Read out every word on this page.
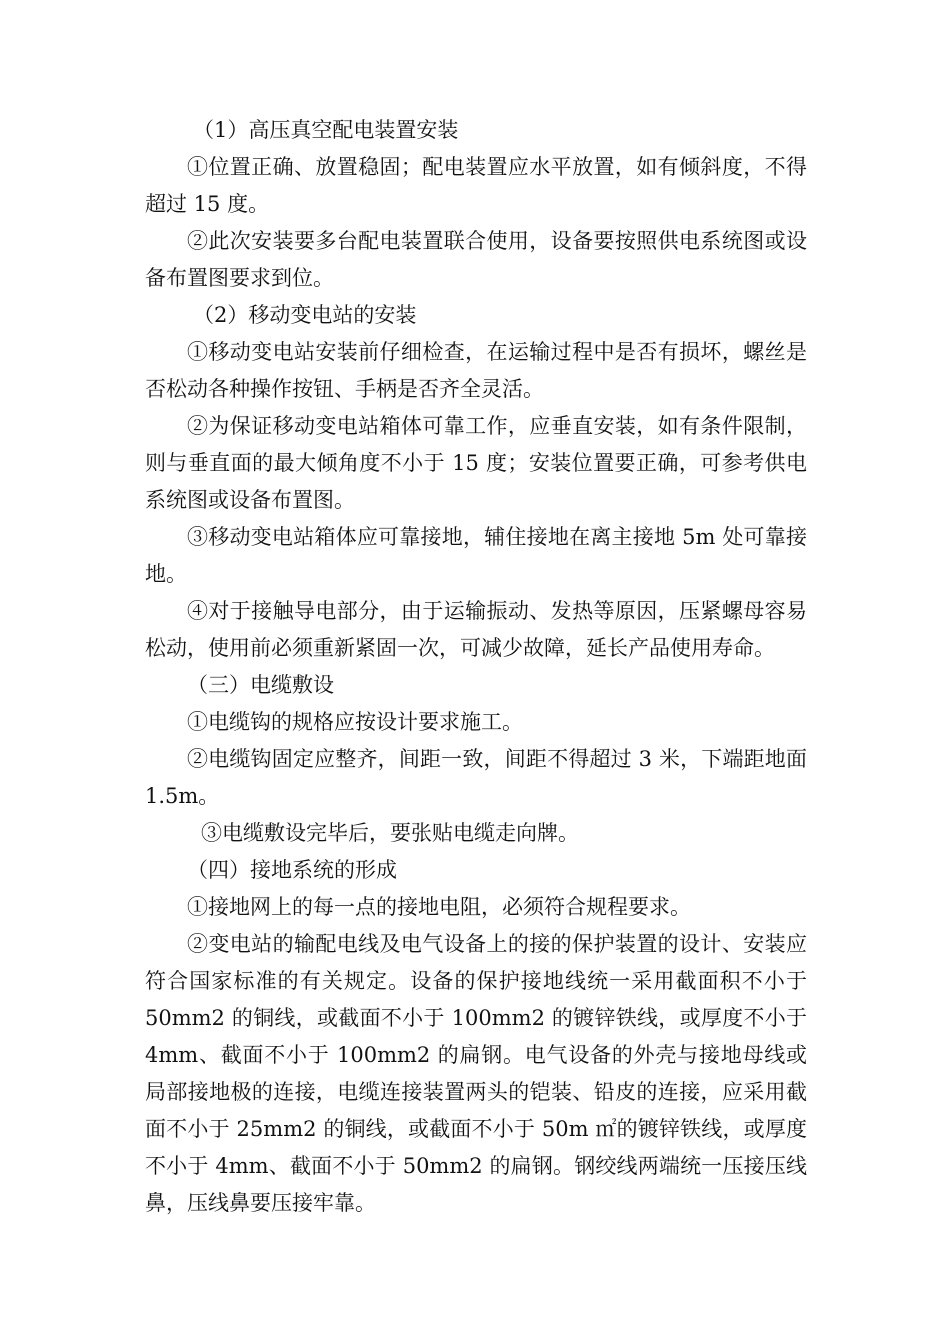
（1）高压真空配电装置安装

①位置正确、放置稳固；配电装置应水平放置，如有倾斜度，不得超过 15 度。

②此次安装要多台配电装置联合使用，设备要按照供电系统图或设备布置图要求到位。

（2）移动变电站的安装

①移动变电站安装前仔细检查，在运输过程中是否有损坏，螺丝是否松动各种操作按钮、手柄是否齐全灵活。

②为保证移动变电站箱体可靠工作，应垂直安装，如有条件限制，则与垂直面的最大倾角度不小于 15 度；安装位置要正确，可参考供电系统图或设备布置图。

③移动变电站箱体应可靠接地，辅住接地在离主接地 5m 处可靠接地。

④对于接触导电部分，由于运输振动、发热等原因，压紧螺母容易松动，使用前必须重新紧固一次，可减少故障，延长产品使用寿命。

（三）电缆敷设

①电缆钩的规格应按设计要求施工。

②电缆钩固定应整齐，间距一致，间距不得超过 3 米，下端距地面 1.5m。

③电缆敷设完毕后，要张贴电缆走向牌。

（四）接地系统的形成

①接地网上的每一点的接地电阻，必须符合规程要求。

②变电站的输配电线及电气设备上的接的保护装置的设计、安装应符合国家标准的有关规定。设备的保护接地线统一采用截面积不小于 50mm2 的铜线，或截面不小于 100mm2 的镀锌铁线，或厚度不小于 4mm、截面不小于 100mm2 的扁钢。电气设备的外壳与接地母线或局部接地极的连接，电缆连接装置两头的铠装、铅皮的连接，应采用截面不小于 25mm2 的铜线，或截面不小于 50m ㎡的镀锌铁线，或厚度不小于 4mm、截面不小于 50mm2 的扁钢。钢绞线两端统一压接压线鼻，压线鼻要压接牢靠。
